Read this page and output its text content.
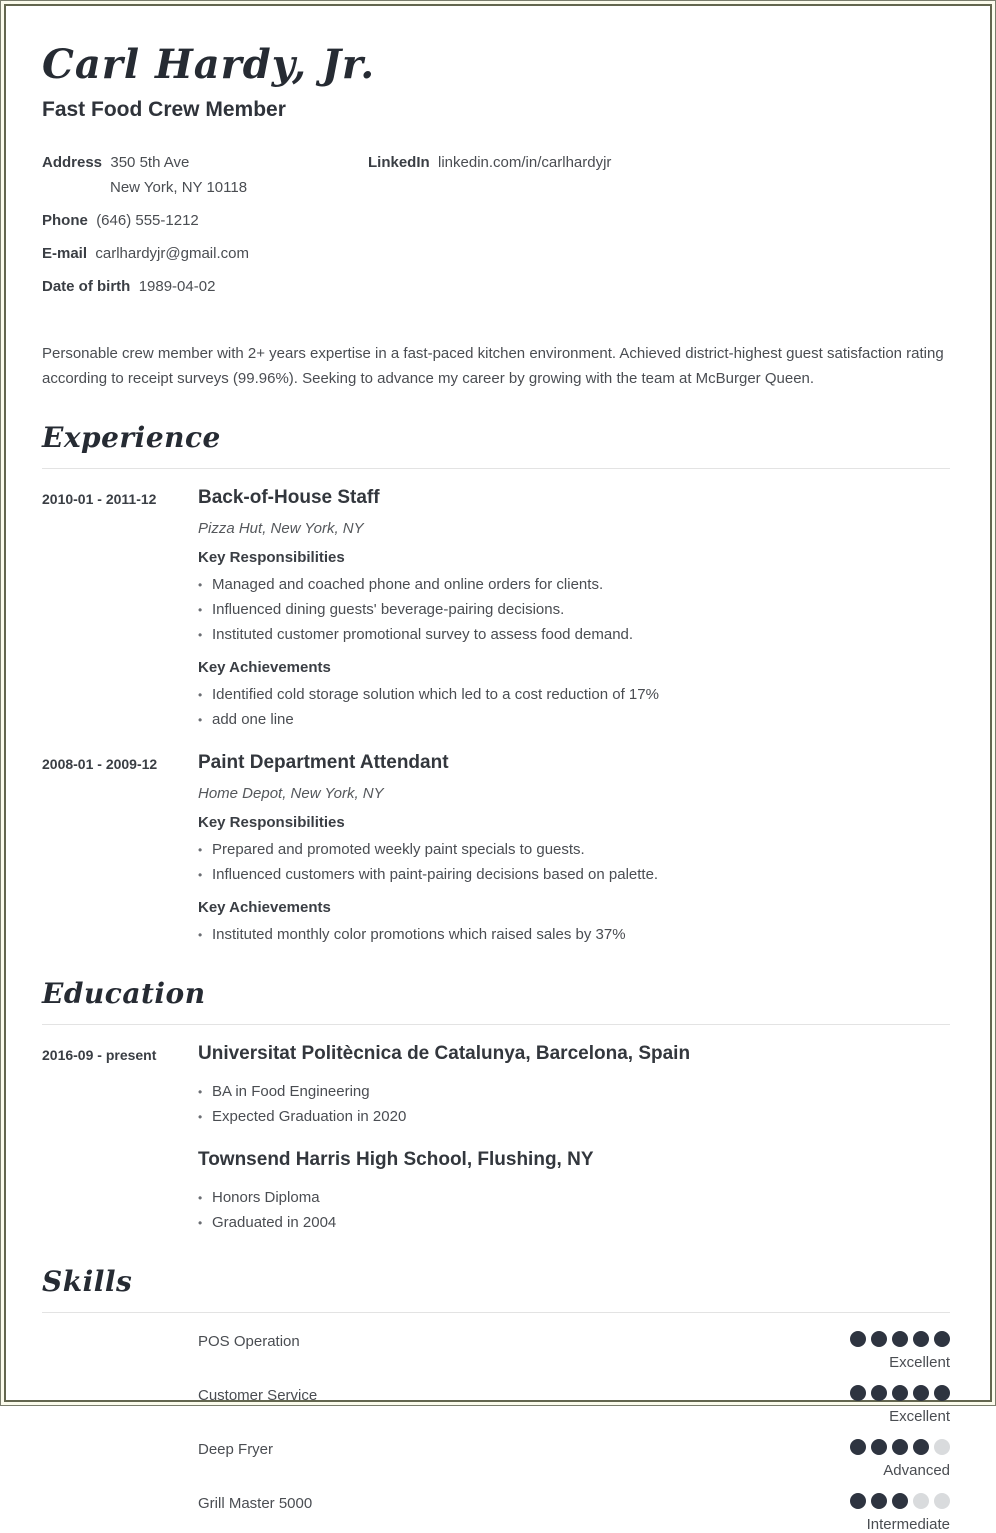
Carl Hardy, Jr.
Fast Food Crew Member
Address 350 5th Ave
New York, NY 10118
Phone (646) 555-1212
E-mail carlhardyjr@gmail.com
Date of birth 1989-04-02
LinkedIn linkedin.com/in/carlhardyjr

Personable crew member with 2+ years expertise in a fast-paced kitchen environment. Achieved district-highest guest satisfaction rating according to receipt surveys (99.96%). Seeking to advance my career by growing with the team at McBurger Queen.

Experience
2010-01 - 2011-12	Back-of-House Staff

Pizza Hut, New York, NY

Key Responsibilities

• Managed and coached phone and online orders for clients.
• Influenced dining guests' beverage-pairing decisions.
• Instituted customer promotional survey to assess food demand.

Key Achievements

• Identified cold storage solution which led to a cost reduction of 17%
• add one line
2008-01 - 2009-12	Paint Department Attendant

Home Depot, New York, NY

Key Responsibilities

• Prepared and promoted weekly paint specials to guests.
• Influenced customers with paint-pairing decisions based on palette.

Key Achievements

• Instituted monthly color promotions which raised sales by 37%
Education
2016-09 - present	Universitat Politècnica de Catalunya, Barcelona, Spain
• BA in Food Engineering
• Expected Graduation in 2020
Townsend Harris High School, Flushing, NY
• Honors Diploma
• Graduated in 2004
Skills
POS Operation
Excellent
Customer Service
Excellent
Deep Fryer
Advanced
Grill Master 5000
Intermediate
